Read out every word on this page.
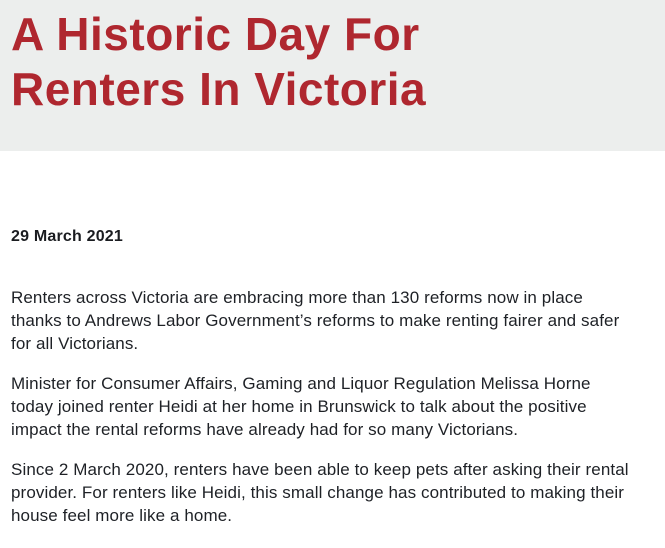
A Historic Day For
Renters In Victoria
29 March 2021

Renters across Victoria are embracing more than 130 reforms now in place thanks to Andrews Labor Government’s reforms to make renting fairer and safer for all Victorians.

Minister for Consumer Affairs, Gaming and Liquor Regulation Melissa Horne today joined renter Heidi at her home in Brunswick to talk about the positive impact the rental reforms have already had for so many Victorians.

Since 2 March 2020, renters have been able to keep pets after asking their rental provider. For renters like Heidi, this small change has contributed to making their house feel more like a home.
